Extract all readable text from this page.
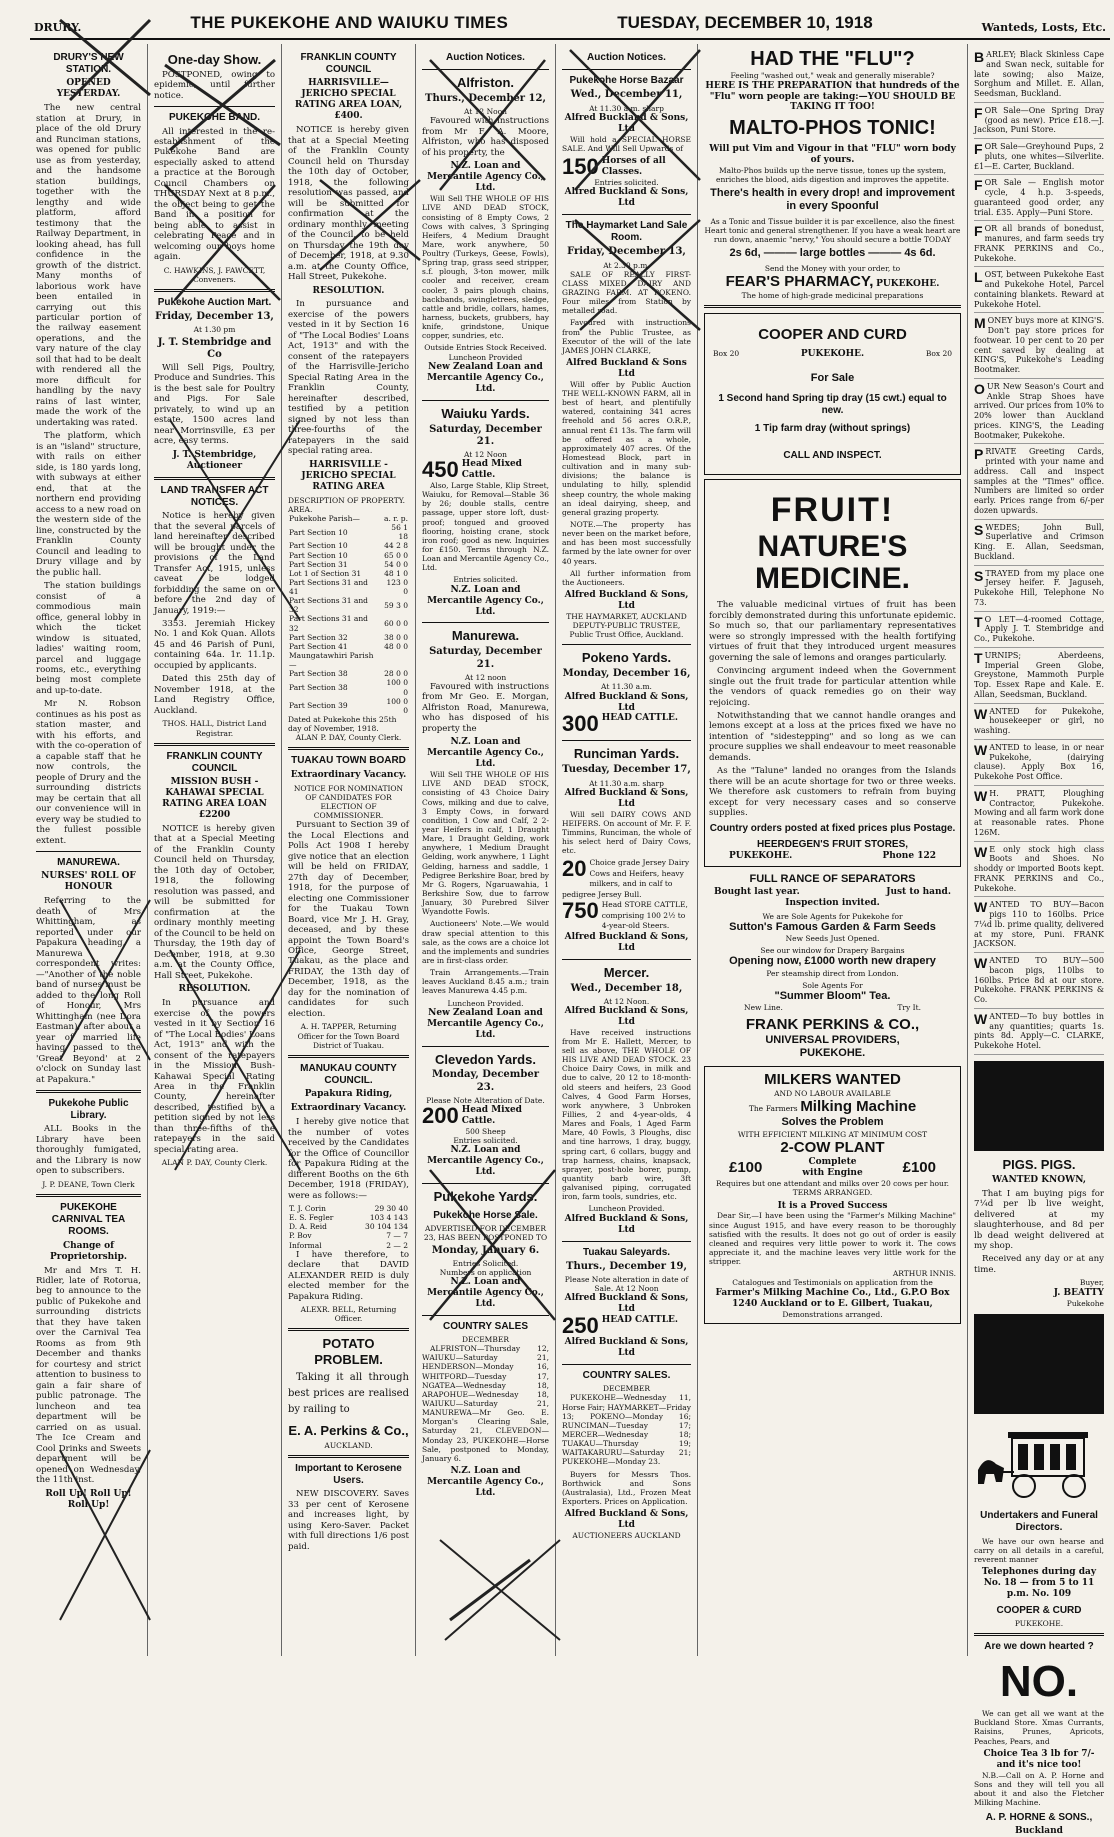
DRURY.	THE PUKEKOHE AND WAIUKU TIMES	TUESDAY, DECEMBER 10, 1918	Wanteds, Losts, Etc.
DRURY'S NEW STATION.
OPENED YESTERDAY.

The new central station at Drury, in place of the old Drury and Runciman stations, was opened for public use as from yesterday, and the handsome station buildings, together with the lengthy and wide platform, afford testimony that the Railway Department, in looking ahead, has full confidence in the growth of the district. Many months of laborious work have been entailed in carrying out this particular portion of the railway easement operations, and the vary nature of the clay soil that had to be dealt with rendered all the more difficult for handling by the navy rains of last winter, made the work of the undertaking was rated.

The platform, which is an "island" structure, with rails on either side, is 180 yards long, with subways at either end, that at the northern end providing access to a new road on the western side of the line, constructed by the Franklin County Council and leading to Drury village and by the public hall.

The station buildings consist of a commodious main office, general lobby in which the ticket window is situated, ladies' waiting room, parcel and luggage rooms, etc., everything being most complete and up-to-date.

Mr N. Robson continues as his post as station master, and with his efforts, and with the co-operation of a capable staff that he now controls, the people of Drury and the surrounding districts may be certain that all our convenience will in every way be studied to the fullest possible extent.

MANUREWA.
NURSES' ROLL OF HONOUR

Referring to the death of Mrs Whittingham, as reported under our Papakura heading, a Manurewa correspondent writes:—"Another of the noble band of nurses must be added to the long Roll of Honour, Mrs Whittingham (nee Dora Eastman), after about a year of married life having passed to the 'Great Beyond' at 2 o'clock on Sunday last at Papakura."

Pukekohe Public Library.

ALL Books in the Library have been thoroughly fumigated, and the Library is now open to subscribers.

J. P. DEANE, Town Clerk
PUKEKOHE CARNIVAL TEA ROOMS.
Change of Proprietorship.

Mr and Mrs T. H. Ridler, late of Rotorua, beg to announce to the public of Pukekohe and surrounding districts that they have taken over the Carnival Tea Rooms as from 9th December and thanks for courtesy and strict attention to business to gain a fair share of public patronage. The luncheon and tea department will be carried on as usual. The Ice Cream and Cool Drinks and Sweets department will be opened on Wednesday, the 11th inst.

Roll Up! Roll Up! Roll Up!
One-day Show.

POSTPONED, owing to epidemic, until further notice.

PUKEKOHE BAND.

All interested in the re-establishment of the Pukekohe Band are especially asked to attend a practice at the Borough Council Chambers on THURSDAY Next at 8 p.m., the object being to get the Band in a position for being able to assist in celebrating Peace and in welcoming our boys home again.

C. HAWKINS, J. FAWCETT, Conveners.
Pukekohe Auction Mart.
Friday, December 13,
At 1.30 pm
J. T. Stembridge and Co

Will Sell Pigs, Poultry, Produce and Sundries. This is the best sale for Poultry and Pigs. For Sale privately, to wind up an estate, 1500 acres land near Morrinsville, £3 per acre, easy terms.

J. T. Stembridge, Auctioneer
LAND TRANSFER ACT NOTICES.

Notice is hereby given that the several parcels of land hereinafter described will be brought under the provisions of the Land Transfer Act, 1915, unless caveat be lodged forbidding the same on or before the 2nd day of January, 1919:—

3353. Jeremiah Hickey No. 1 and Kok Quan. Allots 45 and 46 Parish of Puni, containing 64a. 1r. 11.1p. occupied by applicants.

Dated this 25th day of November 1918, at the Land Registry Office, Auckland.

THOS. HALL, District Land Registrar.
FRANKLIN COUNTY COUNCIL
MISSION BUSH - KAHAWAI SPECIAL RATING AREA LOAN £2200

NOTICE is hereby given that at a Special Meeting of the Franklin County Council held on Thursday, the 10th day of October, 1918, the following resolution was passed, and will be submitted for confirmation at the ordinary monthly meeting of the Council to be held on Thursday, the 19th day of December, 1918, at 9.30 a.m. at the County Office, Hall Street, Pukekohe.

RESOLUTION.

In pursuance and exercise of the powers vested in it by Section 16 of "The Local Bodies' Loans Act, 1913" and with the consent of the ratepayers in the Mission Bush-Kahawai Special Rating Area in the Franklin County, hereinafter described, testified by a petition signed by not less than three-fifths of the ratepayers in the said special rating area.

ALAN P. DAY, County Clerk.
FRANKLIN COUNTY COUNCIL
HARRISVILLE—JERICHO SPECIAL RATING AREA LOAN, £400.

NOTICE is hereby given that at a Special Meeting of the Franklin County Council held on Thursday the 10th day of October, 1918, the following resolution was passed, and will be submitted for confirmation at the ordinary monthly meeting of the Council, to be held on Thursday the 19th day of December, 1918, at 9.30 a.m. at the County Office, Hall Street, Pukekohe.

RESOLUTION.

In pursuance and exercise of the powers vested in it by Section 16 of "The Local Bodies' Loans Act, 1913" and with the consent of the ratepayers of the Harrisville-Jericho Special Rating Area in the Franklin County, hereinafter described, testified by a petition signed by not less than three-fourths of the ratepayers in the said special rating area.

HARRISVILLE - JERICHO SPECIAL RATING AREA
DESCRIPTION OF PROPERTY. AREA.
Pukekohe Parish—	a. r. p.
Part Section 10	56 1 18
Part Section 10	44 2 8
Part Section 10	65 0 0
Part Section 31	54 0 0
Lot 1 of Section 31	48 1 0
Part Sections 31 and 41	123 0 0
Part Sections 31 and 32	59 3 0
Part Sections 31 and 32	60 0 0
Part Section 32	38 0 0
Part Section 41	48 0 0
Maungatawhiri Parish—	
Part Section 38	28 0 0
Part Section 38	100 0 0
Part Section 39	100 0 0
Dated at Pukekohe this 25th day of November, 1918.
ALAN P. DAY, County Clerk.
TUAKAU TOWN BOARD
Extraordinary Vacancy.
NOTICE FOR NOMINATION OF CANDIDATES FOR ELECTION OF COMMISSIONER.

Pursuant to Section 39 of the Local Elections and Polls Act 1908 I hereby give notice that an election will be held on FRIDAY, 27th day of December, 1918, for the purpose of electing one Commissioner for the Tuakau Town Board, vice Mr J. H. Gray, deceased, and by these appoint the Town Board's Office, George Street, Tuakau, as the place and FRIDAY, the 13th day of December, 1918, as the day for the nomination of candidates for such election.

A. H. TAPPER, Returning Officer for the Town Board District of Tuakau.
MANUKAU COUNTY COUNCIL.
Papakura Riding,
Extraordinary Vacancy.

I hereby give notice that the number of votes received by the Candidates for the Office of Councillor for Papakura Riding at the different Booths on the 6th December, 1918 (FRIDAY), were as follows:—

T. J. Corin	29 30 40
E. S. Fegler	103 4 143
D. A. Reid	30 104 134
P. Bov	7 — 7
Informal	2 — 2

I have therefore, to declare that DAVID ALEXANDER REID is duly elected member for the Papakura Riding.

ALEXR. BELL, Returning Officer.
POTATO PROBLEM.

Taking it all through best prices are realised by railing to

E. A. Perkins & Co.,
AUCKLAND.
Important to Kerosene Users.

NEW DISCOVERY. Saves 33 per cent of Kerosene and increases light, by using Kero-Saver. Packet with full directions 1/6 post paid.

Auction Notices.
Alfriston.
Thurs., December 12,
At 12 Noon

Favoured with instructions from Mr F. A. Moore, Alfriston, who has disposed of his property, the

N.Z. Loan and Mercantile Agency Co., Ltd.

Will Sell THE WHOLE OF HIS LIVE AND DEAD STOCK, consisting of 8 Empty Cows, 2 Cows with calves, 3 Springing Heifers, 4 Medium Draught Mare, work anywhere, 50 Poultry (Turkeys, Geese, Fowls), Spring trap, grass seed stripper, s.f. plough, 3-ton mower, milk cooler and receiver, cream cooler, 3 pairs plough chains, backbands, swingletrees, sledge, cattle and bridle, collars, hames, harness, buckets, grubbers, hay knife, grindstone, Unique copper, sundries, etc.

Outside Entries Stock Received.
Luncheon Provided
New Zealand Loan and Mercantile Agency Co., Ltd.
Waiuku Yards.
Saturday, December 21.
At 12 Noon
450 Head Mixed Cattle.

Also, Large Stable, Klip Street, Waiuku, for Removal—Stable 36 by 26; double stalls, centre passage, upper store loft, dust-proof; tongued and grooved flooring, hoisting crane, stock iron roof; good as new. Inquiries for £150. Terms through N.Z. Loan and Mercantile Agency Co., Ltd.

Entries solicited.
N.Z. Loan and Mercantile Agency Co., Ltd.
Manurewa.
Saturday, December 21.
At 12 noon

Favoured with instructions from Mr Geo. E. Morgan, Alfriston Road, Manurewa, who has disposed of his property the

N.Z. Loan and Mercantile Agency Co., Ltd.

Will Sell THE WHOLE OF HIS LIVE AND DEAD STOCK, consisting of 43 Choice Dairy Cows, milking and due to calve, 3 Empty Cows, in forward condition, 1 Cow and Calf, 2 2-year Heifers in calf, 1 Draught Mare, 1 Draught Gelding, work anywhere, 1 Medium Draught Gelding, work anywhere, 1 Light Gelding, harness and saddle, 1 Pedigree Berkshire Boar, bred by Mr G. Rogers, Ngaruawahia, 1 Berkshire Sow, due to farrow January, 30 Purebred Silver Wyandotte Fowls.

Auctioneers' Note.—We would draw special attention to this sale, as the cows are a choice lot and the implements and sundries are in first-class order.

Train Arrangements.—Train leaves Auckland 8.45 a.m.; train leaves Manurewa 4.45 p.m.

Luncheon Provided.
New Zealand Loan and Mercantile Agency Co., Ltd.
Clevedon Yards.
Monday, December 23.
Please Note Alteration of Date.
200 Head Mixed Cattle.
500 Sheep
Entries solicited.
N.Z. Loan and Mercantile Agency Co., Ltd.
Pukekohe Yards.
Pukekohe Horse Sale.
ADVERTISED FOR DECEMBER 23, HAS BEEN POSTPONED TO
Monday, January 6.
Entries Solicited.
Numbers on application
N.Z. Loan and Mercantile Agency Co., Ltd.
COUNTRY SALES
DECEMBER

ALFRISTON—Thursday 12, WAIUKU—Saturday 21, HENDERSON—Monday 16, WHITFORD—Tuesday 17, NGATEA—Wednesday 18, ARAPOHUE—Wednesday 18, WAIUKU—Saturday 21, MANUREWA—Mr Geo. E. Morgan's Clearing Sale, Saturday 21, CLEVEDON—Monday 23, PUKEKOHE—Horse Sale, postponed to Monday, January 6.

N.Z. Loan and Mercantile Agency Co., Ltd.
Auction Notices.
Pukekohe Horse Bazaar
Wed., December 11,
At 11.30 a.m. sharp
Alfred Buckland & Sons, Ltd

Will hold a SPECIAL HORSE SALE. And Will Sell Upwards of

150 Horses of all Classes.
Entries solicited.
Alfred Buckland & Sons, Ltd
The Haymarket Land Sale Room.
Friday, December 13,
At 2.30 p.m.

SALE OF REALLY FIRST-CLASS MIXED DAIRY AND GRAZING FARM. AT POKENO. Four miles from Station by metalled road.

Favoured with instructions from the Public Trustee, as Executor of the will of the late JAMES JOHN CLARKE,

Alfred Buckland & Sons Ltd

Will offer by Public Auction THE WELL-KNOWN FARM, all in best of heart, and plentifully watered, containing 341 acres freehold and 56 acres O.R.P., annual rent £1 13s. The farm will be offered as a whole, approximately 407 acres. Of the Homestead Block, part in cultivation and in many sub-divisions; the balance is undulating to hilly, splendid sheep country, the whole making an ideal dairying, sheep, and general grazing property.

NOTE.—The property has never been on the market before, and has been most successfully farmed by the late owner for over 40 years.

All further information from the Auctioneers.

Alfred Buckland & Sons, Ltd
THE HAYMARKET, AUCKLAND
DEPUTY-PUBLIC TRUSTEE, Public Trust Office, Auckland.
Pokeno Yards.
Monday, December 16,
At 11.30 a.m.
Alfred Buckland & Sons, Ltd
300 HEAD CATTLE.
Runciman Yards.
Tuesday, December 17,
At 11.30 a.m. sharp
Alfred Buckland & Sons, Ltd

Will sell DAIRY COWS AND HEIFERS. On account of Mr. F. F. Timmins, Runciman, the whole of his select herd of Dairy Cows, etc.

20 Choice grade Jersey Dairy Cows and Heifers, heavy milkers, and in calf to pedigree Jersey Bull.
750 Head STORE CATTLE, comprising 100 2½ to 4-year-old Steers.
Alfred Buckland & Sons, Ltd
Mercer.
Wed., December 18,
At 12 Noon.
Alfred Buckland & Sons, Ltd

Have received instructions from Mr E. Hallett, Mercer, to sell as above, THE WHOLE OF HIS LIVE AND DEAD STOCK. 23 Choice Dairy Cows, in milk and due to calve, 20 12 to 18-month-old steers and heifers, 23 Good Calves, 4 Good Farm Horses, work anywhere, 3 Unbroken Fillies, 2 and 4-year-olds, 4 Mares and Foals, 1 Aged Farm Mare, 40 Fowls, 3 Ploughs, disc and tine harrows, 1 dray, buggy, spring cart, 6 collars, buggy and trap harness, chains, knapsack, sprayer, post-hole borer, pump, quantity barb wire, 3ft galvanised piping, corrugated iron, farm tools, sundries, etc.

Luncheon Provided.
Alfred Buckland & Sons, Ltd
Tuakau Saleyards.
Thurs., December 19,
Please Note alteration in date of Sale. At 12 Noon
Alfred Buckland & Sons, Ltd
250 HEAD CATTLE.
Alfred Buckland & Sons, Ltd
COUNTRY SALES.
DECEMBER

PUKEKOHE—Wednesday 11, Horse Fair; HAYMARKET—Friday 13; POKENO—Monday 16; RUNCIMAN—Tuesday 17; MERCER—Wednesday 18; TUAKAU—Thursday 19; WAITAKARURU—Saturday 21; PUKEKOHE—Monday 23.

Buyers for Messrs Thos. Borthwick and Sons (Australasia), Ltd., Frozen Meat Exporters. Prices on Application.

Alfred Buckland & Sons, Ltd
AUCTIONEERS AUCKLAND
HAD THE "FLU"?
Feeling "washed out," weak and generally miserable?
HERE IS THE PREPARATION that hundreds of the "Flu" worn people are taking:—YOU SHOULD BE TAKING IT TOO!
MALTO-PHOS TONIC!
Will put Vim and Vigour in that "FLU" worn body of yours.
Malto-Phos builds up the nerve tissue, tones up the system, enriches the blood, aids digestion and improves the appetite.
There's health in every drop! and improvement in every Spoonful
As a Tonic and Tissue builder it is par excellence, also the finest Heart tonic and general strengthener. If you have a weak heart are run down, anaemic "nervy," You should secure a bottle TODAY
2s 6d, ——— large bottles ——— 4s 6d.
Send the Money with your order, to
FEAR'S PHARMACY, PUKEKOHE.
The home of high-grade medicinal preparations
COOPER AND CURD
Box 20	PUKEKOHE.	Box 20
For Sale
1 Second hand Spring tip dray (15 cwt.) equal to new.
1 Tip farm dray (without springs)
CALL AND INSPECT.
FRUIT!
NATURE'S
MEDICINE.

The valuable medicinal virtues of fruit has been forcibly demonstrated during this unfortunate epidemic. So much so, that our parliamentary representatives were so strongly impressed with the health fortifying virtues of fruit that they introduced urgent measures governing the sale of lemons and oranges particularly.

Convincing argument indeed when the Government single out the fruit trade for particular attention while the vendors of quack remedies go on their way rejoicing.

Notwithstanding that we cannot handle oranges and lemons except at a loss at the prices fixed we have no intention of "sidestepping" and so long as we can procure supplies we shall endeavour to meet reasonable demands.

As the "Talune" landed no oranges from the Islands there will be an acute shortage for two or three weeks. We therefore ask customers to refrain from buying except for very necessary cases and so conserve supplies.

Country orders posted at fixed prices plus Postage.
HEERDEGEN'S FRUIT STORES,
PUKEKOHE.	Phone 122
FULL RANCE OF SEPARATORS
Bought last year.	Just to hand.
Inspection invited.
We are Sole Agents for Pukekohe for
Sutton's Famous Garden & Farm Seeds
New Seeds Just Opened.
See our window for Drapery Bargains
Opening now, £1000 worth new drapery
Per steamship direct from London.
Sole Agents For
"Summer Bloom" Tea.
New Line.	Try It.
FRANK PERKINS & CO.,
UNIVERSAL PROVIDERS,
PUKEKOHE.
MILKERS WANTED
AND NO LABOUR AVAILABLE
The Farmers Milking Machine
Solves the Problem
WITH EFFICIENT MILKING AT MINIMUM COST
2-COW PLANT
£100	Complete with Engine	£100
Requires but one attendant and milks over 20 cows per hour. TERMS ARRANGED.
It is a Proved Success

Dear Sir,—I have been using the "Farmer's Milking Machine" since August 1915, and have every reason to be thoroughly satisfied with the results. It does not go out of order is easily cleaned and requires very little power to work it. The cows appreciate it, and the machine leaves very little work for the stripper.

ARTHUR INNIS.
Catalogues and Testimonials on application from the
Farmer's Milking Machine Co., Ltd., G.P.O Box 1240 Auckland or to E. Gilbert, Tuakau,
Demonstrations arranged.
BARLEY; Black Skinless Cape and Swan neck, suitable for late sowing; also Maize, Sorghum and Millet. E. Allan, Seedsman, Buckland.
FOR Sale—One Spring Dray (good as new). Price £18.—J. Jackson, Puni Store.
FOR Sale—Greyhound Pups, 2 pluts, one whites—Silverlite. £1—E. Carter, Buckland.
FOR Sale — English motor cycle, 4 h.p. 3-speeds, guaranteed good order, any trial. £35. Apply—Puni Store.
FOR all brands of bonedust, manures, and farm seeds try FRANK PERKINS and Co., Pukekohe.
LOST, between Pukekohe East and Pukekohe Hotel, Parcel containing blankets. Reward at Pukekohe Hotel.
MONEY buys more at KING'S. Don't pay store prices for footwear. 10 per cent to 20 per cent saved by dealing at KING'S, Pukekohe's Leading Bootmaker.
OUR New Season's Court and Ankle Strap Shoes have arrived. Our prices from 10% to 20% lower than Auckland prices. KING'S, the Leading Bootmaker, Pukekohe.
PRIVATE Greeting Cards, printed with your name and address. Call and inspect samples at the "Times" office. Numbers are limited so order early. Prices range from 6/-per dozen upwards.
SWEDES; John Bull, Superlative and Crimson King. E. Allan, Seedsman, Buckland.
STRAYED from my place one Jersey heifer. F. Jaguseh, Pukekohe Hill, Telephone No 73.
T O LET—4-roomed Cottage, Apply J. T. Stembridge and Co., Pukekohe.
TURNIPS; Aberdeens, Imperial Green Globe, Greystone, Mammoth Purple Top. Essex Rape and Kale. E. Allan, Seedsman, Buckland.
WANTED for Pukekohe, housekeeper or girl, no washing.
WANTED to lease, in or near Pukekohe, (dairying clause). Apply Box 16, Pukekohe Post Office.
W H. PRATT, Ploughing Contractor, Pukekohe. Mowing and all farm work done at reasonable rates. Phone 126M.
W E only stock high class Boots and Shoes. No shoddy or imported Boots kept. FRANK PERKINS and Co., Pukekohe.
WANTED TO BUY—Bacon pigs 110 to 160lbs. Price 7¼d lb. prime quality, delivered at my store, Puni. FRANK JACKSON.
WANTED TO BUY—500 bacon pigs, 110lbs to 160lbs. Price 8d at our store. Pukekohe. FRANK PERKINS & Co.
WANTED—To buy bottles in any quantities; quarts 1s. pints 8d. Apply—C. CLARKE, Pukekohe Hotel.
PIGS. PIGS.
WANTED KNOWN,

That I am buying pigs for 7¼d per lb live weight, delivered at my slaughterhouse, and 8d per lb dead weight delivered at my shop.

Received any day or at any time.

Buyer,
J. BEATTY
Pukekohe
Undertakers and Funeral Directors.

We have our own hearse and carry on all details in a careful, reverent manner

Telephones during day No. 18 — from 5 to 11 p.m. No. 109
COOPER & CURD
PUKEKOHE.
Are we down hearted ?
NO.

We can get all we want at the Buckland Store. Xmas Currants, Raisins, Prunes, Apricots, Peaches, Pears, and

Choice Tea 3 lb for 7/- and it's nice too!

N.B.—Call on A. P. Horne and Sons and they will tell you all about it and also the Fletcher Milking Machine.

A. P. HORNE & SONS.,
Buckland
